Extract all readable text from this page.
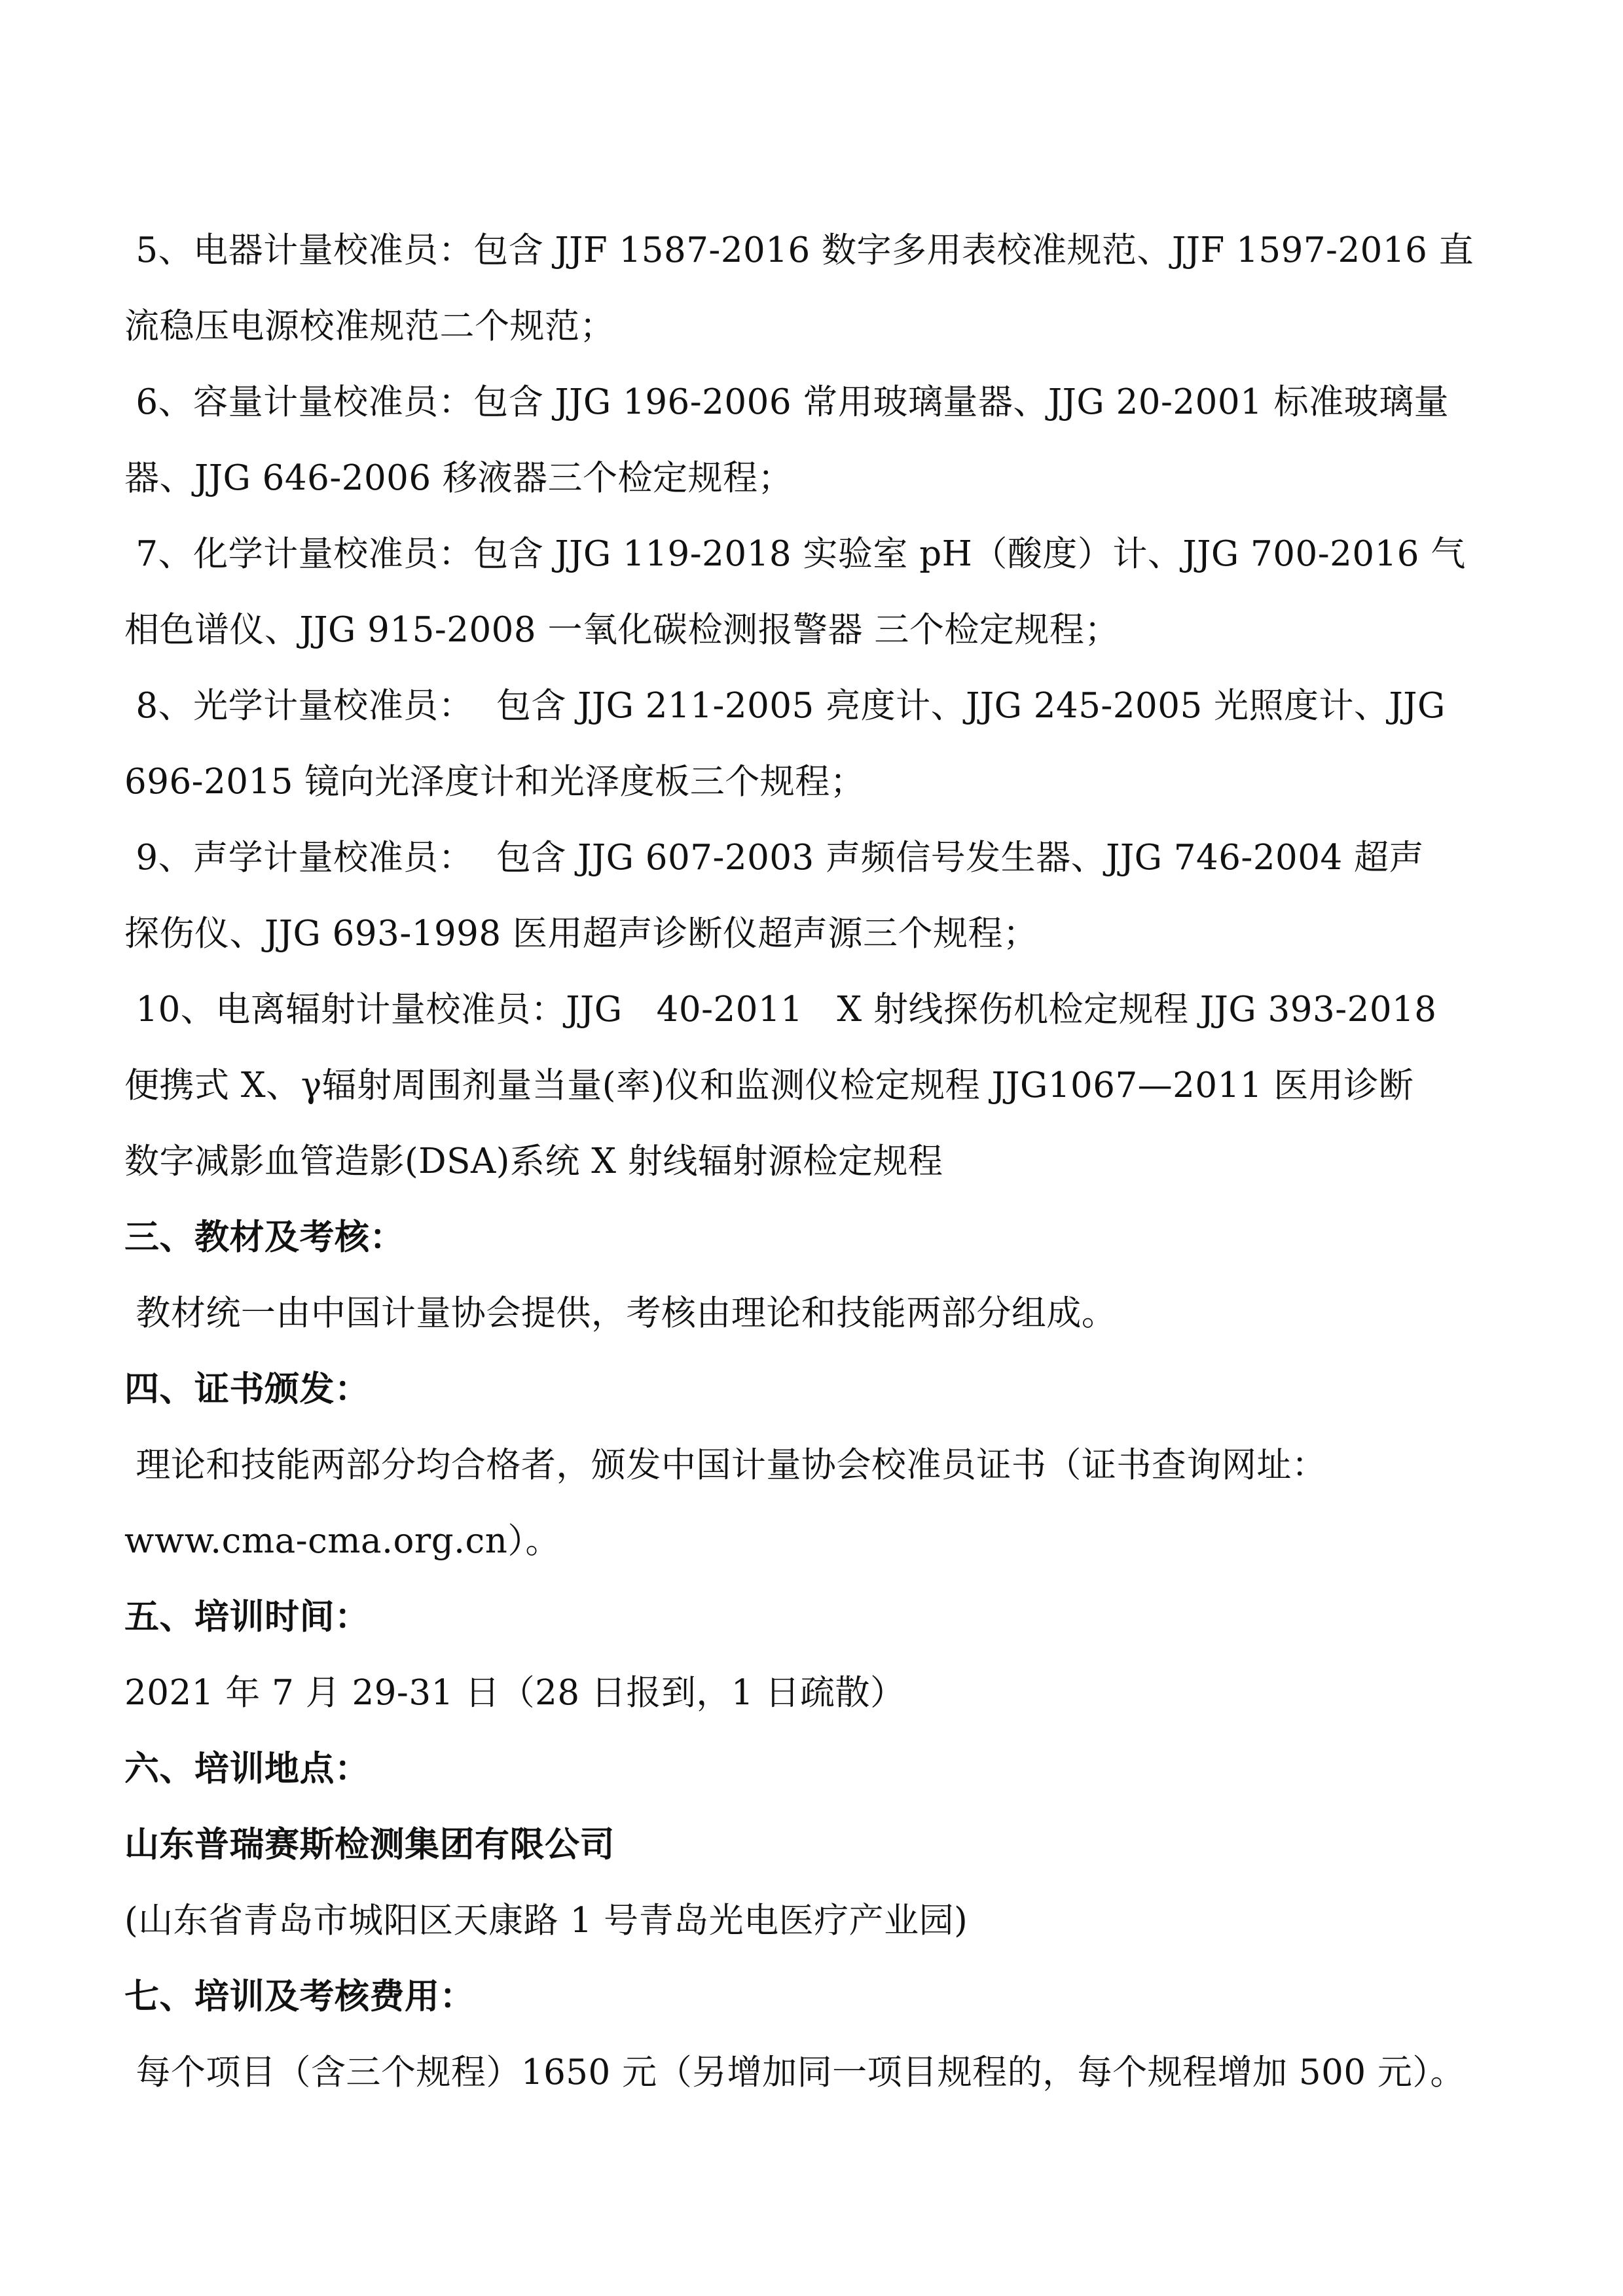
5、电器计量校准员：包含 JJF 1587-2016 数字多用表校准规范、JJF 1597-2016 直
流稳压电源校准规范二个规范；
6、容量计量校准员：包含 JJG 196-2006 常用玻璃量器、JJG 20-2001 标准玻璃量
器、JJG 646-2006 移液器三个检定规程；
7、化学计量校准员：包含 JJG 119-2018 实验室 pH（酸度）计、JJG 700-2016 气
相色谱仪、JJG 915-2008 一氧化碳检测报警器 三个检定规程；
8、光学计量校准员：  包含 JJG 211-2005 亮度计、JJG 245-2005 光照度计、JJG
696-2015 镜向光泽度计和光泽度板三个规程；
9、声学计量校准员：  包含 JJG 607-2003 声频信号发生器、JJG 746-2004 超声
探伤仪、JJG 693-1998 医用超声诊断仪超声源三个规程；
10、电离辐射计量校准员：JJG   40-2011   X 射线探伤机检定规程 JJG 393-2018
便携式 X、γ辐射周围剂量当量(率)仪和监测仪检定规程 JJG1067—2011 医用诊断
数字减影血管造影(DSA)系统 X 射线辐射源检定规程
三、教材及考核：
教材统一由中国计量协会提供，考核由理论和技能两部分组成。
四、证书颁发：
理论和技能两部分均合格者，颁发中国计量协会校准员证书（证书查询网址：
www.cma-cma.org.cn）。
五、培训时间：
2021 年 7 月 29-31 日（28 日报到，1 日疏散）
六、培训地点：
山东普瑞赛斯检测集团有限公司
(山东省青岛市城阳区天康路 1 号青岛光电医疗产业园)
七、培训及考核费用：
每个项目（含三个规程）1650 元（另增加同一项目规程的，每个规程增加 500 元）。
